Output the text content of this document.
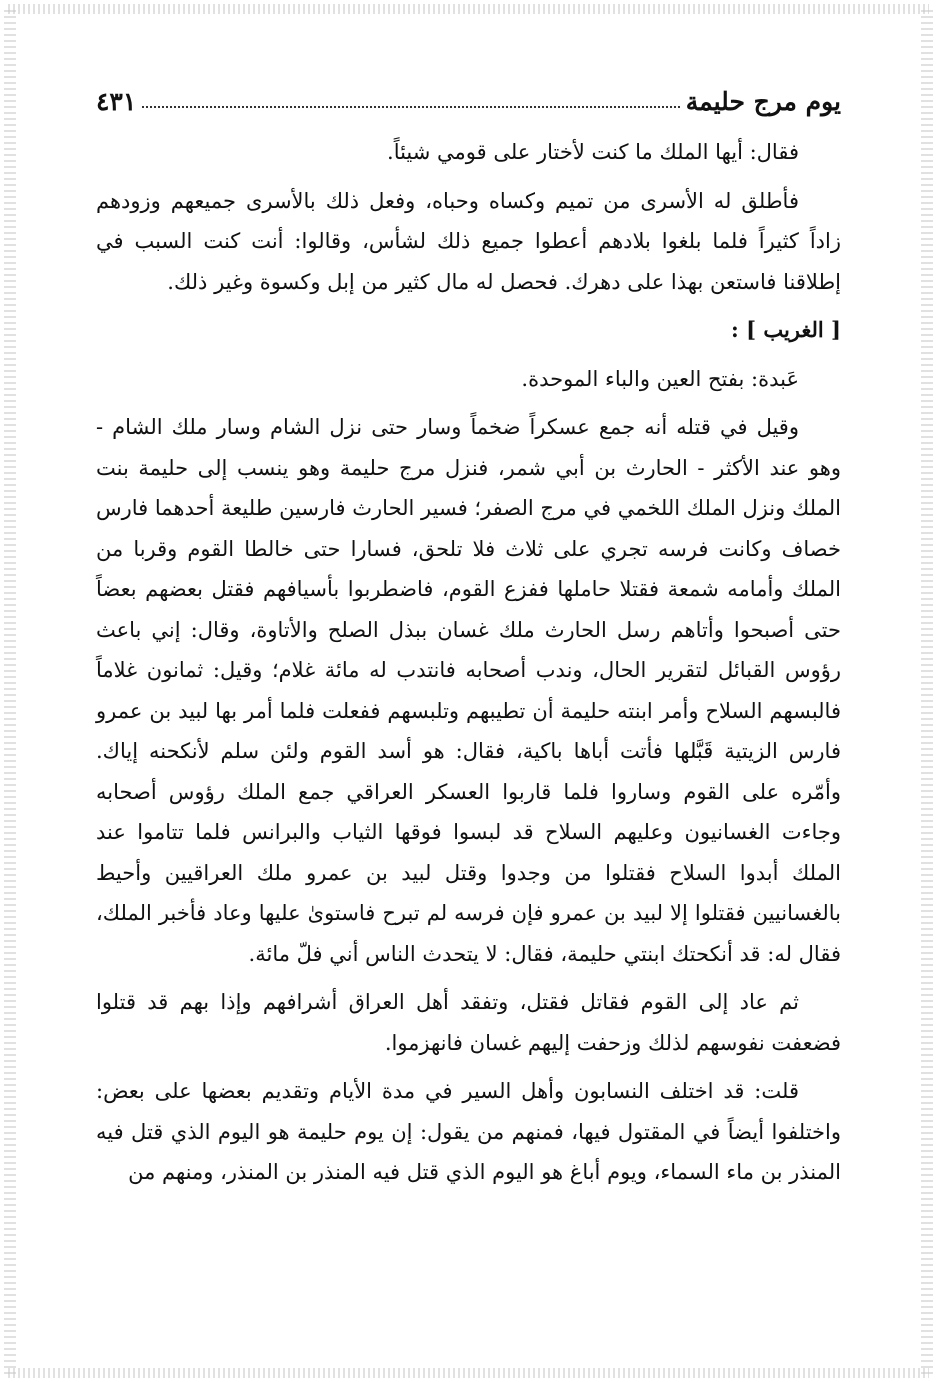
يوم مرج حليمة
٤٣١

فقال: أيها الملك ما كنت لأختار على قومي شيئاً.

فأطلق له الأسرى من تميم وكساه وحباه، وفعل ذلك بالأسرى جميعهم وزودهم زاداً كثيراً فلما بلغوا بلادهم أعطوا جميع ذلك لشأس، وقالوا: أنت كنت السبب في إطلاقنا فاستعن بهذا على دهرك. فحصل له مال كثير من إبل وكسوة وغير ذلك.

[ الغريب ] :

عَبدة: بفتح العين والباء الموحدة.

وقيل في قتله أنه جمع عسكراً ضخماً وسار حتى نزل الشام وسار ملك الشام - وهو عند الأكثر - الحارث بن أبي شمر، فنزل مرج حليمة وهو ينسب إلى حليمة بنت الملك ونزل الملك اللخمي في مرج الصفر؛ فسير الحارث فارسين طليعة أحدهما فارس خصاف وكانت فرسه تجري على ثلاث فلا تلحق، فسارا حتى خالطا القوم وقربا من الملك وأمامه شمعة فقتلا حاملها ففزع القوم، فاضطربوا بأسيافهم فقتل بعضهم بعضاً حتى أصبحوا وأتاهم رسل الحارث ملك غسان ببذل الصلح والأتاوة، وقال: إني باعث رؤوس القبائل لتقرير الحال، وندب أصحابه فانتدب له مائة غلام؛ وقيل: ثمانون غلاماً فالبسهم السلاح وأمر ابنته حليمة أن تطيبهم وتلبسهم ففعلت فلما أمر بها لبيد بن عمرو فارس الزيتية قَبَّلها فأتت أباها باكية، فقال: هو أسد القوم ولئن سلم لأنكحنه إياك. وأمّره على القوم وساروا فلما قاربوا العسكر العراقي جمع الملك رؤوس أصحابه وجاءت الغسانيون وعليهم السلاح قد لبسوا فوقها الثياب والبرانس فلما تتاموا عند الملك أبدوا السلاح فقتلوا من وجدوا وقتل لبيد بن عمرو ملك العراقيين وأحيط بالغسانيين فقتلوا إلا لبيد بن عمرو فإن فرسه لم تبرح فاستوىٰ عليها وعاد فأخبر الملك، فقال له: قد أنكحتك ابنتي حليمة، فقال: لا يتحدث الناس أني فلّ مائة.

ثم عاد إلى القوم فقاتل فقتل، وتفقد أهل العراق أشرافهم وإذا بهم قد قتلوا فضعفت نفوسهم لذلك وزحفت إليهم غسان فانهزموا.

قلت: قد اختلف النسابون وأهل السير في مدة الأيام وتقديم بعضها على بعض: واختلفوا أيضاً في المقتول فيها، فمنهم من يقول: إن يوم حليمة هو اليوم الذي قتل فيه المنذر بن ماء السماء، ويوم أباغ هو اليوم الذي قتل فيه المنذر بن المنذر، ومنهم من
